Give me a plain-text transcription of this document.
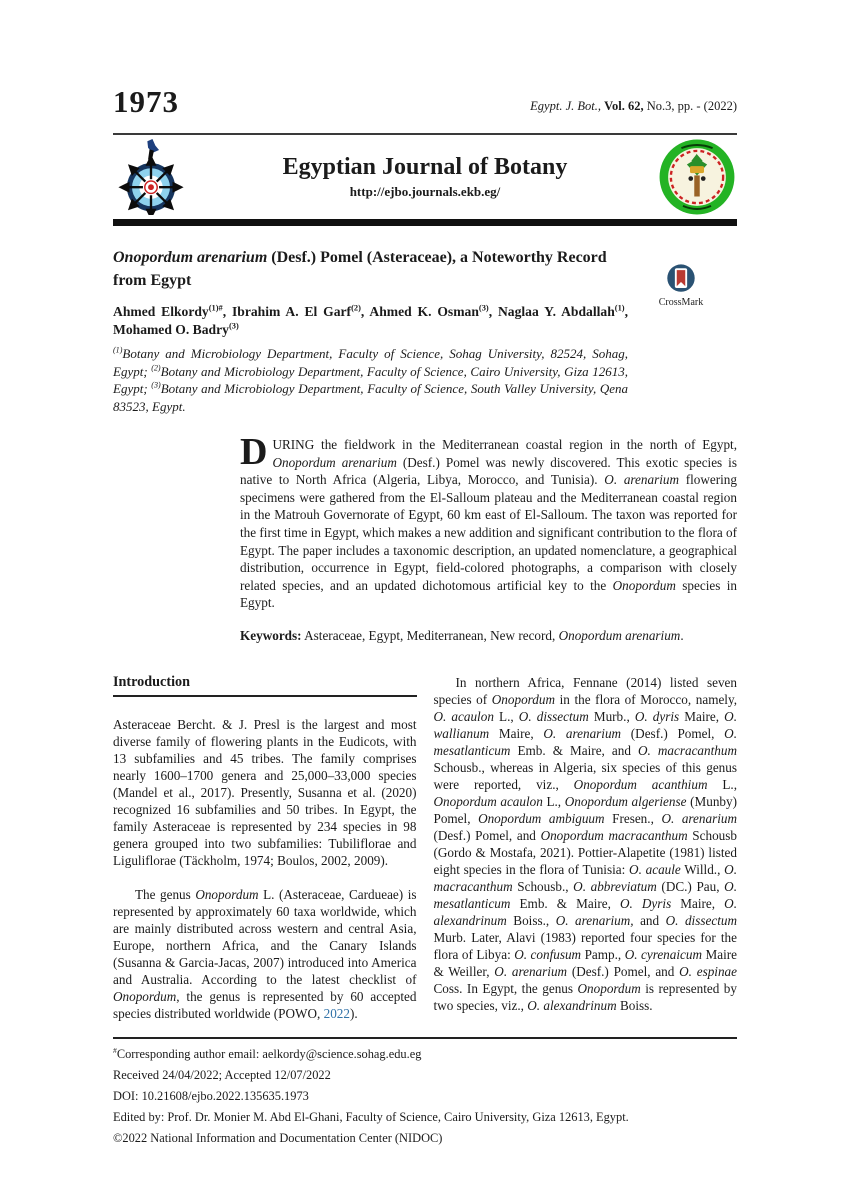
1973	Egypt. J. Bot., Vol. 62, No.3, pp. - (2022)
Egyptian Journal of Botany
http://ejbo.journals.ekb.eg/
Onopordum arenarium (Desf.) Pomel (Asteraceae), a Noteworthy Record from Egypt

Ahmed Elkordy$^{(1)\#}$, Ibrahim A. El Garf$^{(2)}$, Ahmed K. Osman$^{(3)}$, Naglaa Y. Abdallah$^{(1)}$, Mohamed O. Badry$^{(3)}$

$^{(1)}$Botany and Microbiology Department, Faculty of Science, Sohag University, 82524, Sohag, Egypt; $^{(2)}$Botany and Microbiology Department, Faculty of Science, Cairo University, Giza 12613, Egypt; $^{(3)}$Botany and Microbiology Department, Faculty of Science, South Valley University, Qena 83523, Egypt.

CrossMark

DURING the fieldwork in the Mediterranean coastal region in the north of Egypt, Onopordum arenarium (Desf.) Pomel was newly discovered. This exotic species is native to North Africa (Algeria, Libya, Morocco, and Tunisia). O. arenarium flowering specimens were gathered from the El-Salloum plateau and the Mediterranean coastal region in the Matrouh Governorate of Egypt, 60 km east of El-Salloum. The taxon was reported for the first time in Egypt, which makes a new addition and significant contribution to the flora of Egypt. The paper includes a taxonomic description, an updated nomenclature, a geographical distribution, occurrence in Egypt, field-colored photographs, a comparison with closely related species, and an updated dichotomous artificial key to the Onopordum species in Egypt.

Keywords: Asteraceae, Egypt, Mediterranean, New record, Onopordum arenarium.

Introduction

Asteraceae Bercht. & J. Presl is the largest and most diverse family of flowering plants in the Eudicots, with 13 subfamilies and 45 tribes. The family comprises nearly 1600–1700 genera and 25,000–33,000 species (Mandel et al., 2017). Presently, Susanna et al. (2020) recognized 16 subfamilies and 50 tribes. In Egypt, the family Asteraceae is represented by 234 species in 98 genera grouped into two subfamilies: Tubiliflorae and Liguliflorae (Täckholm, 1974; Boulos, 2002, 2009).

The genus Onopordum L. (Asteraceae, Cardueae) is represented by approximately 60 taxa worldwide, which are mainly distributed across western and central Asia, Europe, northern Africa, and the Canary Islands (Susanna & Garcia-Jacas, 2007) introduced into America and Australia. According to the latest checklist of Onopordum, the genus is represented by 60 accepted species distributed worldwide (POWO, 2022).

In northern Africa, Fennane (2014) listed seven species of Onopordum in the flora of Morocco, namely, O. acaulon L., O. dissectum Murb., O. dyris Maire, O. wallianum Maire, O. arenarium (Desf.) Pomel, O. mesatlanticum Emb. & Maire, and O. macracanthum Schousb., whereas in Algeria, six species of this genus were reported, viz., Onopordum acanthium L., Onopordum acaulon L., Onopordum algeriense (Munby) Pomel, Onopordum ambiguum Fresen., O. arenarium (Desf.) Pomel, and Onopordum macracanthum Schousb (Gordo & Mostafa, 2021). Pottier-Alapetite (1981) listed eight species in the flora of Tunisia: O. acaule Willd., O. macracanthum Schousb., O. abbreviatum (DC.) Pau, O. mesatlanticum Emb. & Maire, O. Dyris Maire, O. alexandrinum Boiss., O. arenarium, and O. dissectum Murb. Later, Alavi (1983) reported four species for the flora of Libya: O. confusum Pamp., O. cyrenaicum Maire & Weiller, O. arenarium (Desf.) Pomel, and O. espinae Coss. In Egypt, the genus Onopordum is represented by two species, viz., O. alexandrinum Boiss.

#Corresponding author email: aelkordy@science.sohag.edu.eg

Received 24/04/2022; Accepted 12/07/2022

DOI: 10.21608/ejbo.2022.135635.1973

Edited by: Prof. Dr. Monier M. Abd El-Ghani, Faculty of Science, Cairo University, Giza 12613, Egypt.

©2022 National Information and Documentation Center (NIDOC)
